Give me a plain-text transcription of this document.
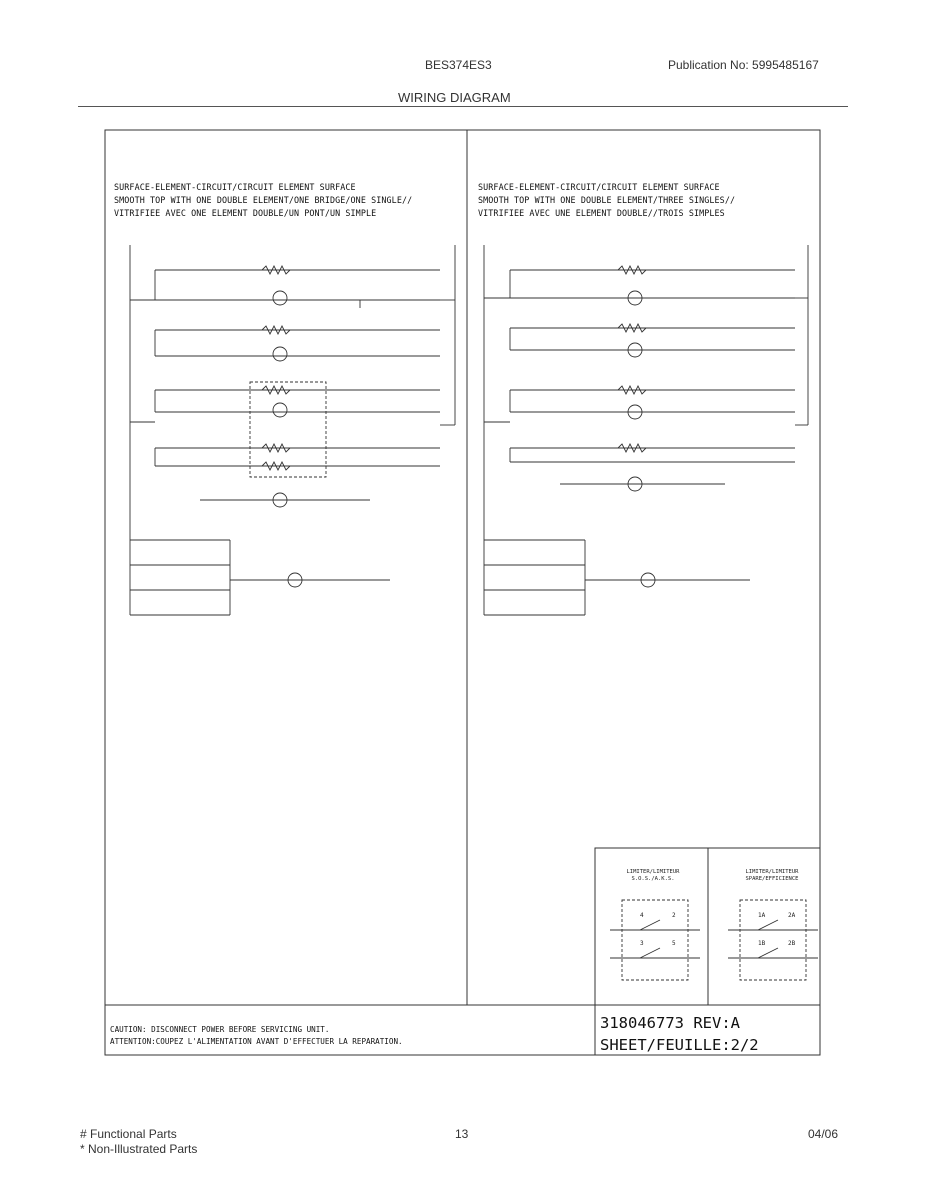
BES374ES3	Publication No: 5995485167
WIRING DIAGRAM
SURFACE-ELEMENT-CIRCUIT/CIRCUIT ELEMENT SURFACE
SMOOTH TOP WITH ONE DOUBLE ELEMENT/ONE BRIDGE/ONE SINGLE//
VITRIFIEE AVEC ONE ELEMENT DOUBLE/UN PONT/UN SIMPLE
SURFACE-ELEMENT-CIRCUIT/CIRCUIT ELEMENT SURFACE
SMOOTH TOP WITH ONE DOUBLE ELEMENT/THREE SINGLES//
VITRIFIEE AVEC UNE ELEMENT DOUBLE//TROIS SIMPLES
LIMITER/LIMITEUR
S.O.S./A.K.S.
LIMITER/LIMITEUR
SPARE/EFFICIENCE
4	2
3	5
1A	2A
1B	2B
CAUTION: DISCONNECT POWER BEFORE SERVICING UNIT.
ATTENTION:COUPEZ L'ALIMENTATION AVANT D'EFFECTUER LA REPARATION.
318046773 REV:A
SHEET/FEUILLE:2/2
# Functional Parts
* Non-Illustrated Parts
13	04/06
